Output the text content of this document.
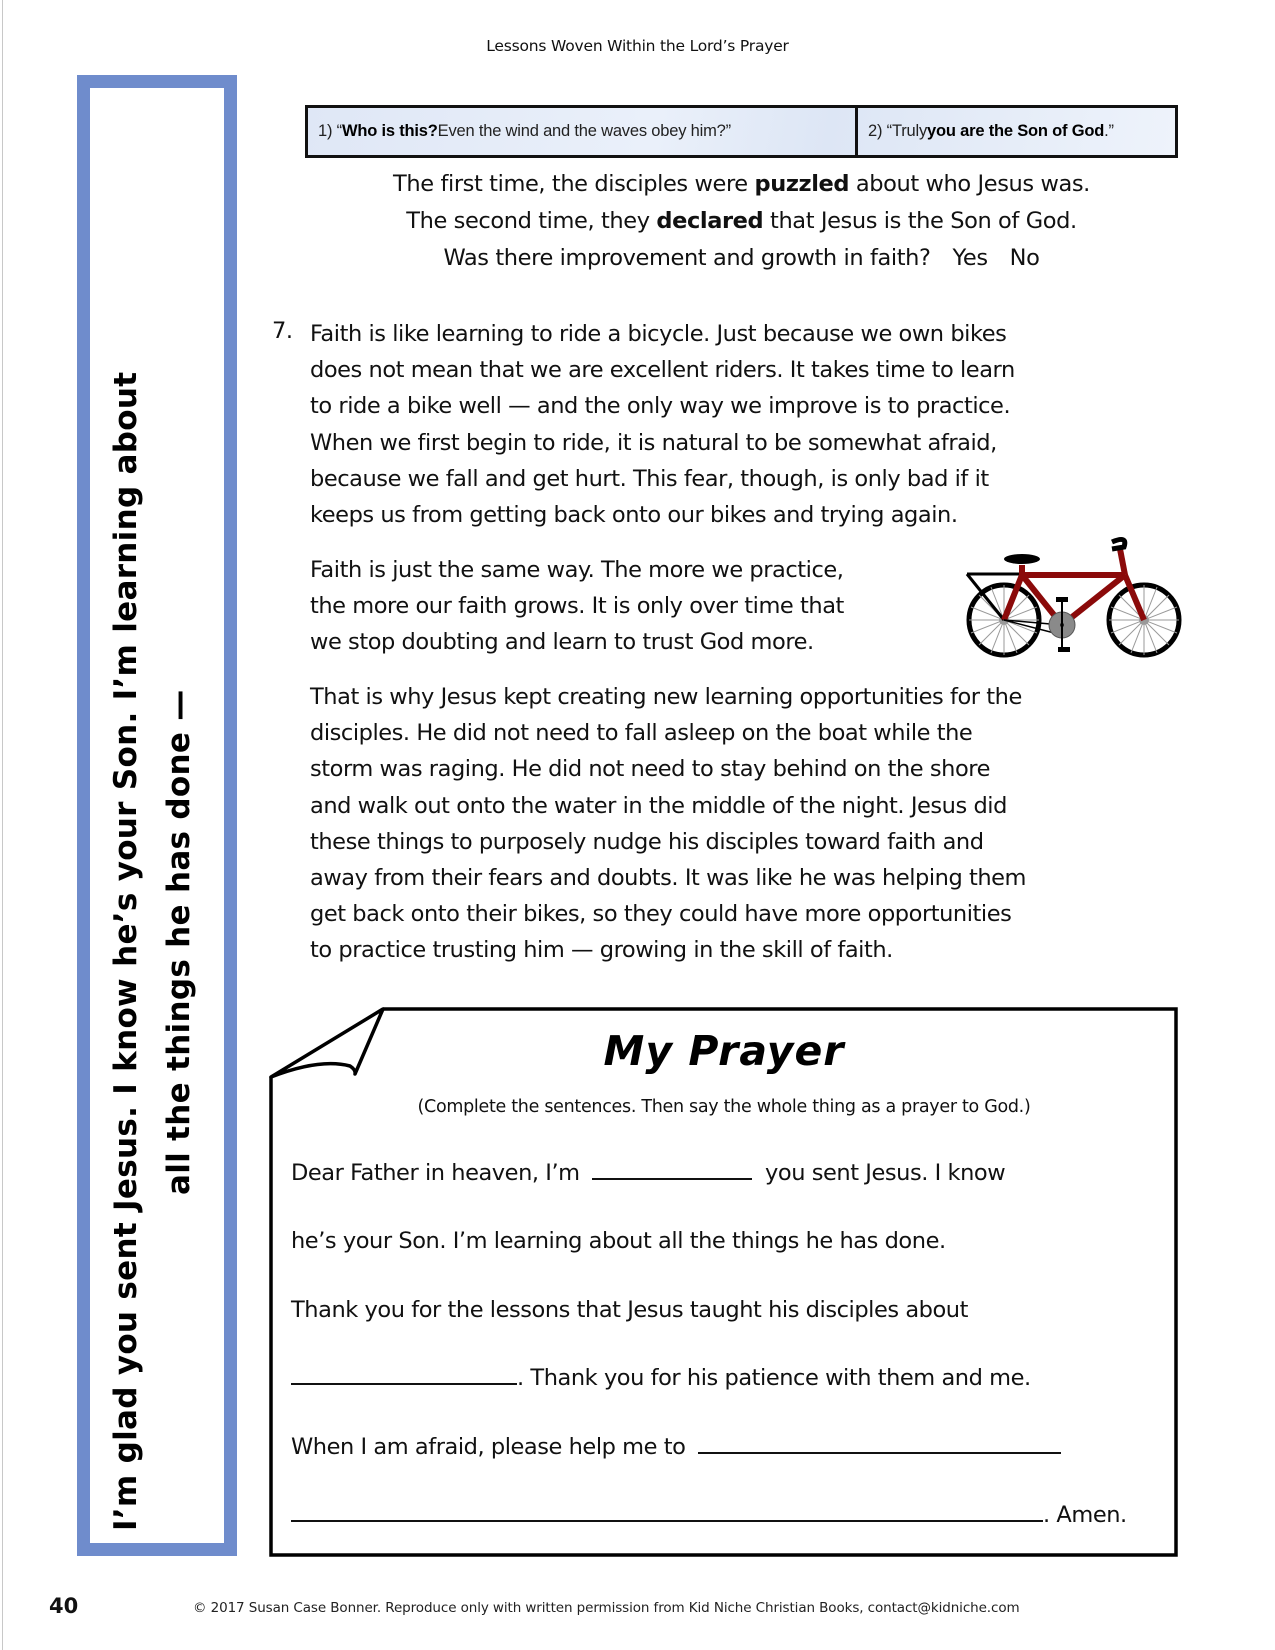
Lessons Woven Within the Lord’s Prayer
I’m glad you sent Jesus. I know he’s your Son. I’m learning about all the things he has done —
1) “ Who is this? Even the wind and the waves obey him?”	2) “Truly you are the Son of God .”
The first time, the disciples were puzzled about who Jesus was.
The second time, they declared that Jesus is the Son of God.
Was there improvement and growth in faith? Yes No
7. Faith is like learning to ride a bicycle. Just because we own bikes
does not mean that we are excellent riders. It takes time to learn
to ride a bike well — and the only way we improve is to practice.
When we first begin to ride, it is natural to be somewhat afraid,
because we fall and get hurt. This fear, though, is only bad if it
keeps us from getting back onto our bikes and trying again.
Faith is just the same way. The more we practice,
the more our faith grows. It is only over time that
we stop doubting and learn to trust God more.
That is why Jesus kept creating new learning opportunities for the
disciples. He did not need to fall asleep on the boat while the
storm was raging. He did not need to stay behind on the shore
and walk out onto the water in the middle of the night. Jesus did
these things to purposely nudge his disciples toward faith and
away from their fears and doubts. It was like he was helping them
get back onto their bikes, so they could have more opportunities
to practice trusting him — growing in the skill of faith.
My Prayer
(Complete the sentences. Then say the whole thing as a prayer to God.)
Dear Father in heaven, I’m	you sent Jesus. I know
he’s your Son. I’m learning about all the things he has done.
Thank you for the lessons that Jesus taught his disciples about
. Thank you for his patience with them and me.
When I am afraid, please help me to
. Amen.
40	© 2017 Susan Case Bonner. Reproduce only with written permission from Kid Niche Christian Books, contact@kidniche.com
